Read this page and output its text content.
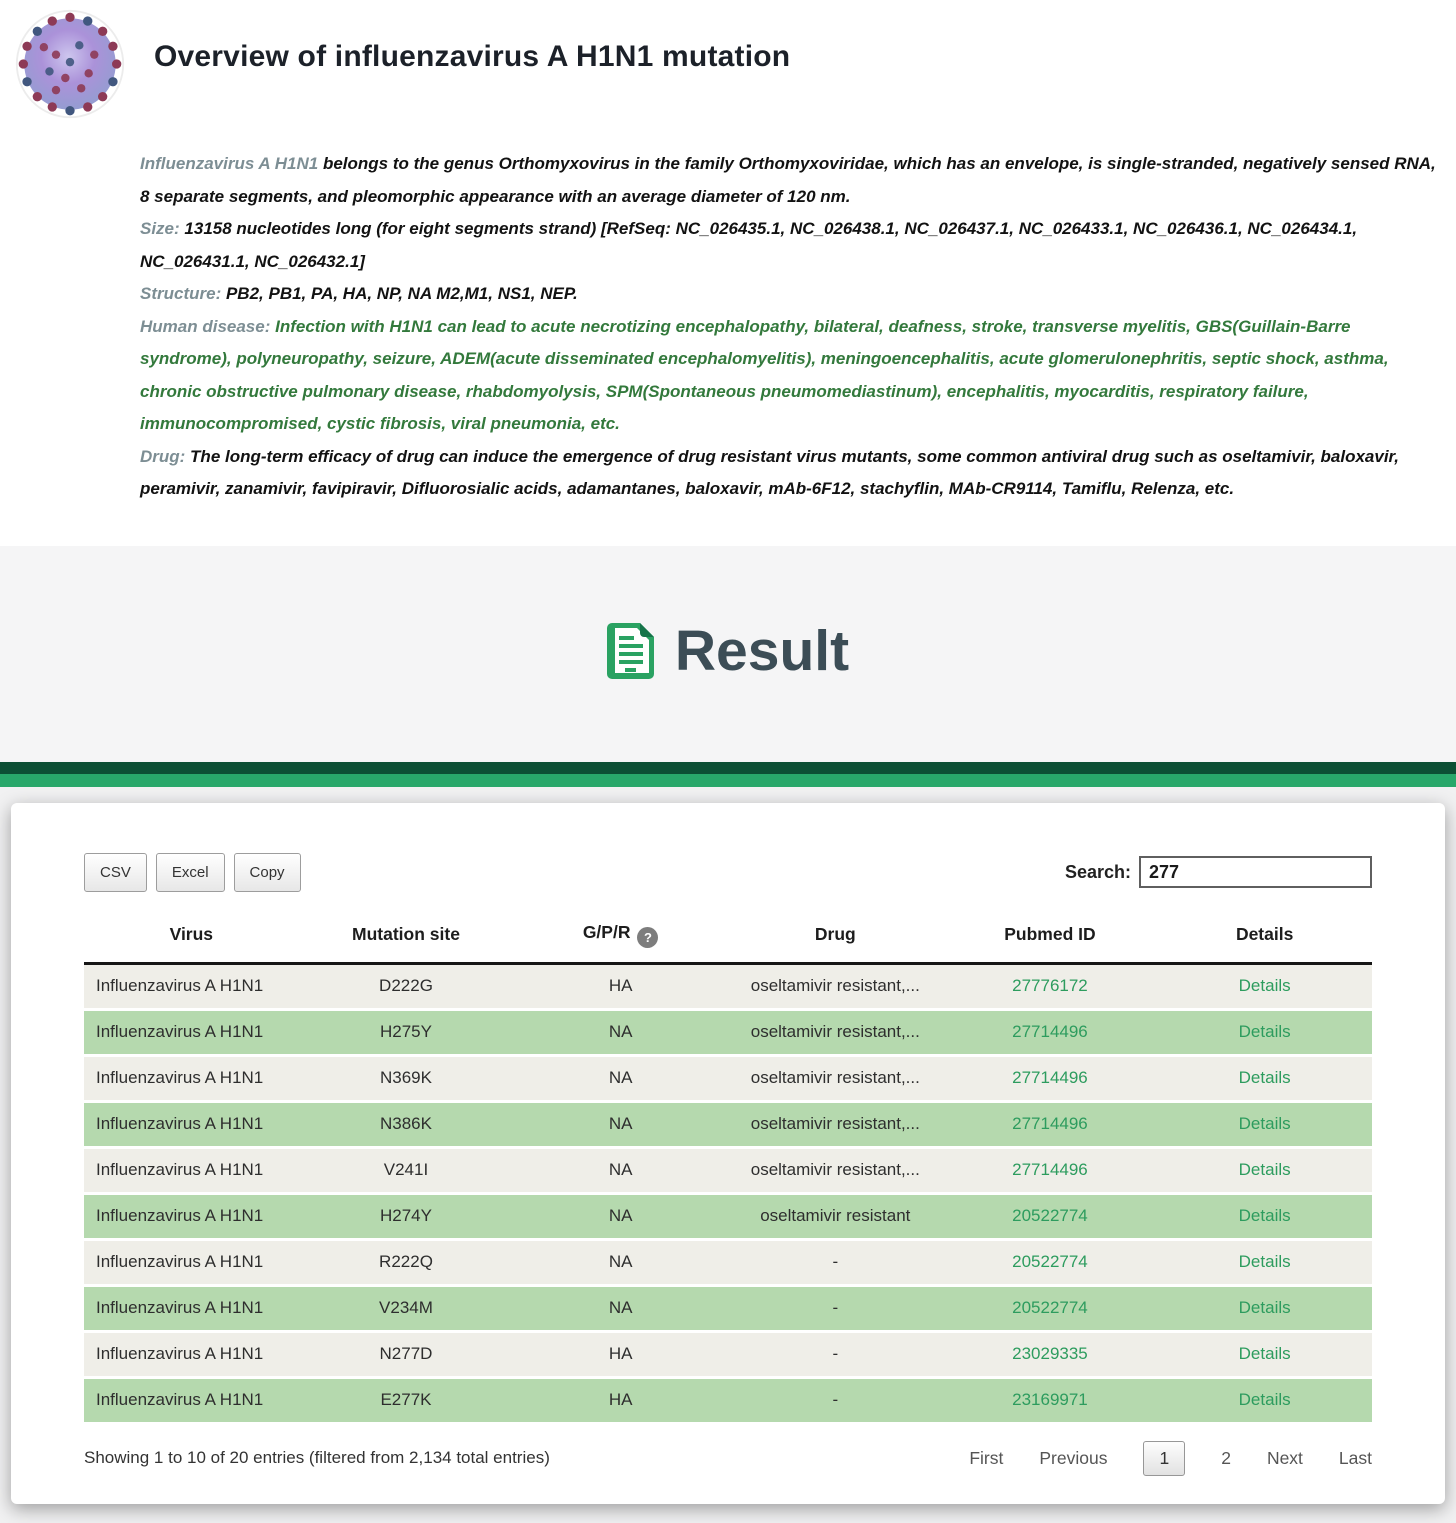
Overview of influenzavirus A H1N1 mutation

Influenzavirus A H1N1 belongs to the genus Orthomyxovirus in the family Orthomyxoviridae, which has an envelope, is single-stranded, negatively sensed RNA, 8 separate segments, and pleomorphic appearance with an average diameter of 120 nm.

Size: 13158 nucleotides long (for eight segments strand) [RefSeq: NC_026435.1, NC_026438.1, NC_026437.1, NC_026433.1, NC_026436.1, NC_026434.1, NC_026431.1, NC_026432.1]

Structure: PB2, PB1, PA, HA, NP, NA M2,M1, NS1, NEP.

Human disease: Infection with H1N1 can lead to acute necrotizing encephalopathy, bilateral, deafness, stroke, transverse myelitis, GBS(Guillain-Barre syndrome), polyneuropathy, seizure, ADEM(acute disseminated encephalomyelitis), meningoencephalitis, acute glomerulonephritis, septic shock, asthma, chronic obstructive pulmonary disease, rhabdomyolysis, SPM(Spontaneous pneumomediastinum), encephalitis, myocarditis, respiratory failure, immunocompromised, cystic fibrosis, viral pneumonia, etc.

Drug: The long-term efficacy of drug can induce the emergence of drug resistant virus mutants, some common antiviral drug such as oseltamivir, baloxavir, peramivir, zanamivir, favipiravir, Difluorosialic acids, adamantanes, baloxavir, mAb-6F12, stachyflin, MAb-CR9114, Tamiflu, Relenza, etc.

Result
CSV	Excel	Copy	Search:
277
Virus	Mutation site	G/P/R ?	Drug	Pubmed ID	Details
Influenzavirus A H1N1	D222G	HA	oseltamivir resistant,...	27776172	Details
Influenzavirus A H1N1	H275Y	NA	oseltamivir resistant,...	27714496	Details
Influenzavirus A H1N1	N369K	NA	oseltamivir resistant,...	27714496	Details
Influenzavirus A H1N1	N386K	NA	oseltamivir resistant,...	27714496	Details
Influenzavirus A H1N1	V241I	NA	oseltamivir resistant,...	27714496	Details
Influenzavirus A H1N1	H274Y	NA	oseltamivir resistant	20522774	Details
Influenzavirus A H1N1	R222Q	NA	-	20522774	Details
Influenzavirus A H1N1	V234M	NA	-	20522774	Details
Influenzavirus A H1N1	N277D	HA	-	23029335	Details
Influenzavirus A H1N1	E277K	HA	-	23169971	Details
Showing 1 to 10 of 20 entries (filtered from 2,134 total entries)	First Previous	1	2 Next Last
